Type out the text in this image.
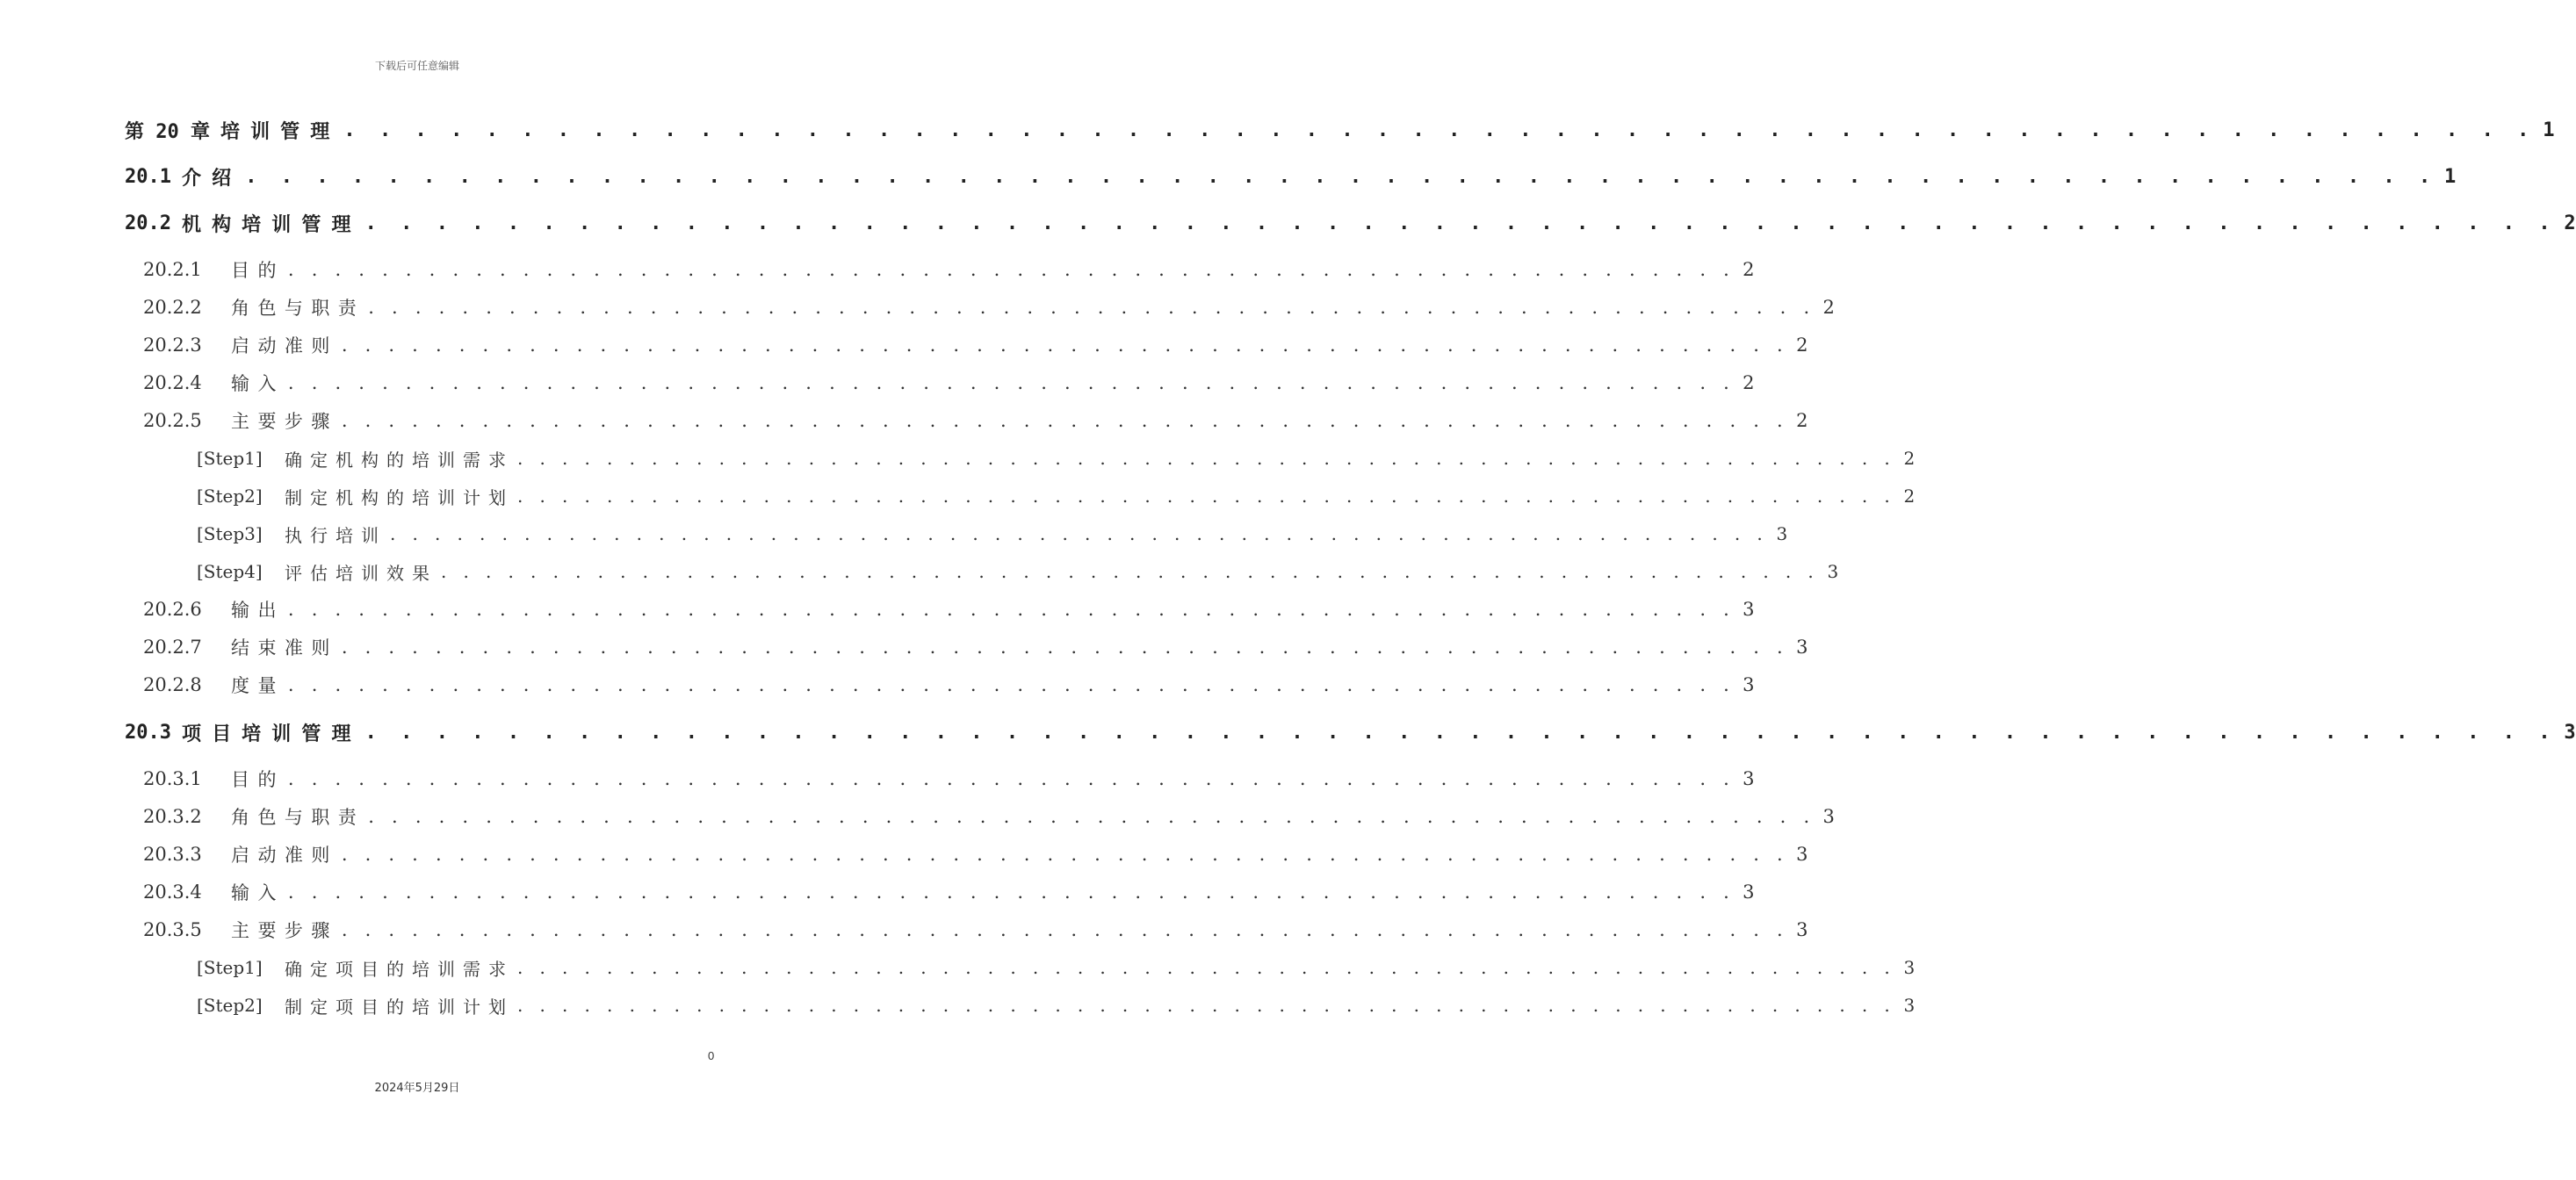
下载后可任意编辑
第 20 章 培训管理 . . . . . . . . . . . . . . . . . . . . . . . . . . . . . . . . . . . . . . . . . . . . . . . . . . . . . . . . . . . . . . 1
20.1 介绍 . . . . . . . . . . . . . . . . . . . . . . . . . . . . . . . . . . . . . . . . . . . . . . . . . . . . . . . . . . . . . . 1
20.2 机构培训管理 . . . . . . . . . . . . . . . . . . . . . . . . . . . . . . . . . . . . . . . . . . . . . . . . . . . . . . . . . . . . . . 2
20.2.1	目的 . . . . . . . . . . . . . . . . . . . . . . . . . . . . . . . . . . . . . . . . . . . . . . . . . . . . . . . . . . . . . . 2
20.2.2	角色与职责 . . . . . . . . . . . . . . . . . . . . . . . . . . . . . . . . . . . . . . . . . . . . . . . . . . . . . . . . . . . . . . 2
20.2.3	启动准则 . . . . . . . . . . . . . . . . . . . . . . . . . . . . . . . . . . . . . . . . . . . . . . . . . . . . . . . . . . . . . . 2
20.2.4	输入 . . . . . . . . . . . . . . . . . . . . . . . . . . . . . . . . . . . . . . . . . . . . . . . . . . . . . . . . . . . . . . 2
20.2.5	主要步骤 . . . . . . . . . . . . . . . . . . . . . . . . . . . . . . . . . . . . . . . . . . . . . . . . . . . . . . . . . . . . . . 2
[Step1]	确定机构的培训需求 . . . . . . . . . . . . . . . . . . . . . . . . . . . . . . . . . . . . . . . . . . . . . . . . . . . . . . . . . . . . . . 2
[Step2]	制定机构的培训计划 . . . . . . . . . . . . . . . . . . . . . . . . . . . . . . . . . . . . . . . . . . . . . . . . . . . . . . . . . . . . . . 2
[Step3]	执行培训 . . . . . . . . . . . . . . . . . . . . . . . . . . . . . . . . . . . . . . . . . . . . . . . . . . . . . . . . . . . . . . 3
[Step4]	评估培训效果 . . . . . . . . . . . . . . . . . . . . . . . . . . . . . . . . . . . . . . . . . . . . . . . . . . . . . . . . . . . . . . 3
20.2.6	输出 . . . . . . . . . . . . . . . . . . . . . . . . . . . . . . . . . . . . . . . . . . . . . . . . . . . . . . . . . . . . . . 3
20.2.7	结束准则 . . . . . . . . . . . . . . . . . . . . . . . . . . . . . . . . . . . . . . . . . . . . . . . . . . . . . . . . . . . . . . 3
20.2.8	度量 . . . . . . . . . . . . . . . . . . . . . . . . . . . . . . . . . . . . . . . . . . . . . . . . . . . . . . . . . . . . . . 3
20.3 项目培训管理 . . . . . . . . . . . . . . . . . . . . . . . . . . . . . . . . . . . . . . . . . . . . . . . . . . . . . . . . . . . . . . 3
20.3.1	目的 . . . . . . . . . . . . . . . . . . . . . . . . . . . . . . . . . . . . . . . . . . . . . . . . . . . . . . . . . . . . . . 3
20.3.2	角色与职责 . . . . . . . . . . . . . . . . . . . . . . . . . . . . . . . . . . . . . . . . . . . . . . . . . . . . . . . . . . . . . . 3
20.3.3	启动准则 . . . . . . . . . . . . . . . . . . . . . . . . . . . . . . . . . . . . . . . . . . . . . . . . . . . . . . . . . . . . . . 3
20.3.4	输入 . . . . . . . . . . . . . . . . . . . . . . . . . . . . . . . . . . . . . . . . . . . . . . . . . . . . . . . . . . . . . . 3
20.3.5	主要步骤 . . . . . . . . . . . . . . . . . . . . . . . . . . . . . . . . . . . . . . . . . . . . . . . . . . . . . . . . . . . . . . 3
[Step1]	确定项目的培训需求 . . . . . . . . . . . . . . . . . . . . . . . . . . . . . . . . . . . . . . . . . . . . . . . . . . . . . . . . . . . . . . 3
[Step2]	制定项目的培训计划 . . . . . . . . . . . . . . . . . . . . . . . . . . . . . . . . . . . . . . . . . . . . . . . . . . . . . . . . . . . . . . 3
0
2024年5月29日
